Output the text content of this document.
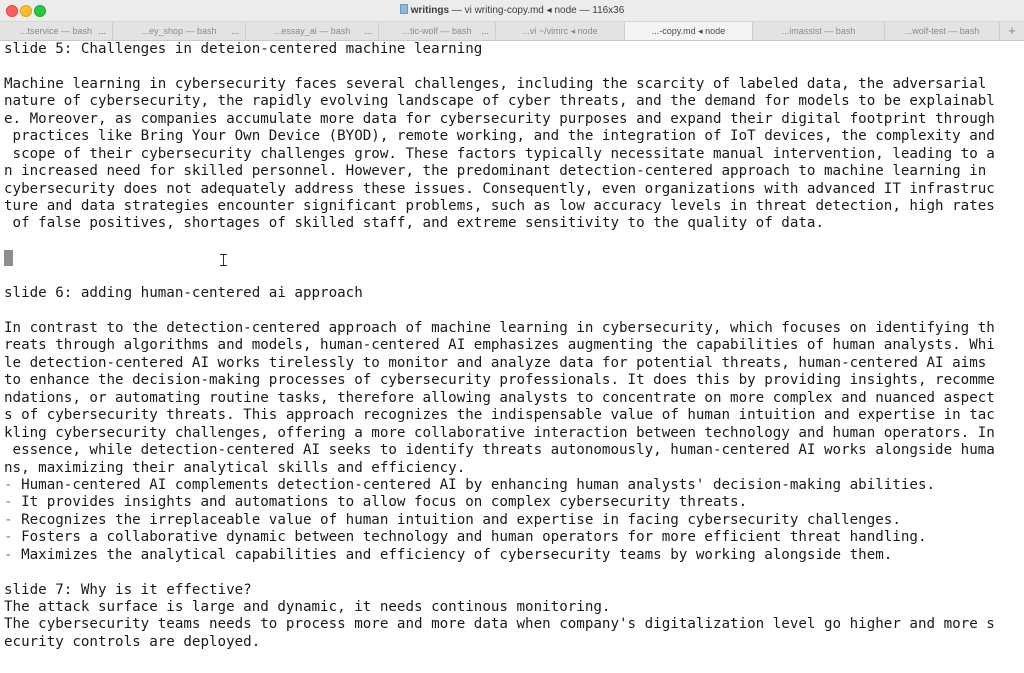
writings — vi writing-copy.md ◂ node — 116x36
...tservice — bash ...	...ey_shop — bash ...	...essay_ai — bash ...	...tic-wolf — bash ...	...vi ~/vimrc ◂ node	...-copy.md ◂ node	...imassist — bash	...wolf-test — bash	+
slide 5: Challenges in deteion-centered machine learning
Machine learning in cybersecurity faces several challenges, including the scarcity of labeled data, the adversarial
nature of cybersecurity, the rapidly evolving landscape of cyber threats, and the demand for models to be explainabl
e. Moreover, as companies accumulate more data for cybersecurity purposes and expand their digital footprint through
practices like Bring Your Own Device (BYOD), remote working, and the integration of IoT devices, the complexity and
scope of their cybersecurity challenges grow. These factors typically necessitate manual intervention, leading to a
n increased need for skilled personnel. However, the predominant detection-centered approach to machine learning in
cybersecurity does not adequately address these issues. Consequently, even organizations with advanced IT infrastruc
ture and data strategies encounter significant problems, such as low accuracy levels in threat detection, high rates
of false positives, shortages of skilled staff, and extreme sensitivity to the quality of data.
slide 6: adding human-centered ai approach
In contrast to the detection-centered approach of machine learning in cybersecurity, which focuses on identifying th
reats through algorithms and models, human-centered AI emphasizes augmenting the capabilities of human analysts. Whi
le detection-centered AI works tirelessly to monitor and analyze data for potential threats, human-centered AI aims
to enhance the decision-making processes of cybersecurity professionals. It does this by providing insights, recomme
ndations, or automating routine tasks, therefore allowing analysts to concentrate on more complex and nuanced aspect
s of cybersecurity threats. This approach recognizes the indispensable value of human intuition and expertise in tac
kling cybersecurity challenges, offering a more collaborative interaction between technology and human operators. In
essence, while detection-centered AI seeks to identify threats autonomously, human-centered AI works alongside huma
ns, maximizing their analytical skills and efficiency.
- Human-centered AI complements detection-centered AI by enhancing human analysts' decision-making abilities.
- It provides insights and automations to allow focus on complex cybersecurity threats.
- Recognizes the irreplaceable value of human intuition and expertise in facing cybersecurity challenges.
- Fosters a collaborative dynamic between technology and human operators for more efficient threat handling.
- Maximizes the analytical capabilities and efficiency of cybersecurity teams by working alongside them.
slide 7: Why is it effective?
The attack surface is large and dynamic, it needs continous monitoring.
The cybersecurity teams needs to process more and more data when company's digitalization level go higher and more s
ecurity controls are deployed.
